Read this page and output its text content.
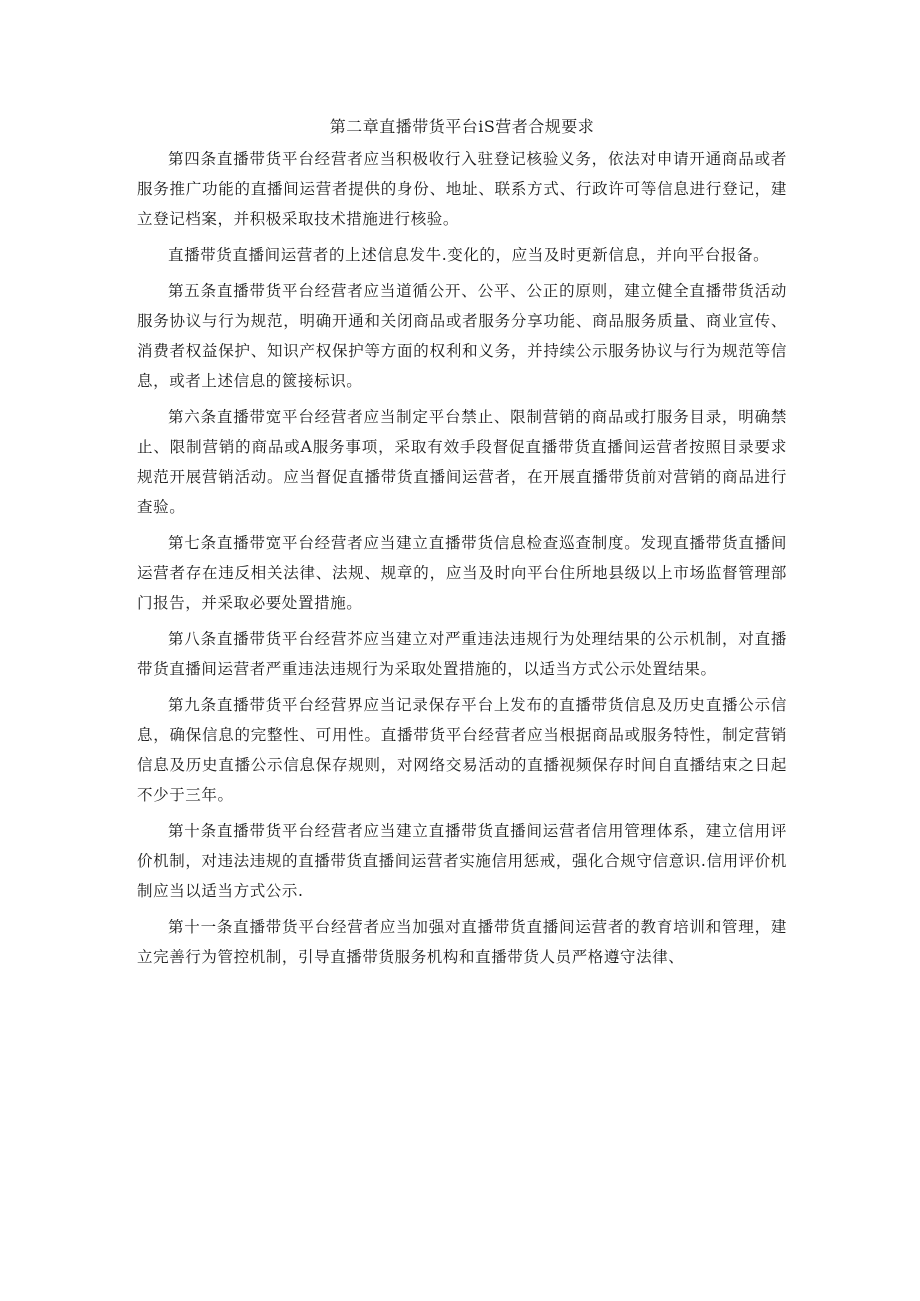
第二章直播带货平台iS营者合规要求

第四条直播带货平台经营者应当积极收行入驻登记核验义务，依法对申请开通商品或者服务推广功能的直播间运营者提供的身份、地址、联系方式、行政许可等信息进行登记，建立登记档案，并积极采取技术措施进行核验。

直播带货直播间运营者的上述信息发牛.变化的，应当及时更新信息，并向平台报备。

第五条直播带货平台经营者应当道循公开、公平、公正的原则，建立健全直播带货活动服务协议与行为规范，明确开通和关闭商品或者服务分享功能、商品服务质量、商业宣传、消费者权益保护、知识产权保护等方面的权利和义务，并持续公示服务协议与行为规范等信息，或者上述信息的篋接标识。

第六条直播带宽平台经营者应当制定平台禁止、限制营销的商品或打服务目录，明确禁止、限制营销的商品或A服务事项，采取有效手段督促直播带货直播间运营者按照目录要求规范开展营销活动。应当督促直播带货直播间运营者，在开展直播带货前对营销的商品进行查验。

第七条直播带宽平台经营者应当建立直播带货信息检查巡查制度。发现直播带货直播间运营者存在违反相关法律、法规、规章的，应当及时向平台住所地县级以上市场监督管理部门报告，并采取必要处置措施。

第八条直播带货平台经营芥应当建立对严重违法违规行为处理结果的公示机制，对直播带货直播间运营者严重违法违规行为采取处置措施的，以适当方式公示处置结果。

第九条直播带货平台经营界应当记录保存平台上发布的直播带货信息及历史直播公示信息，确保信息的完整性、可用性。直播带货平台经营者应当根据商品或服务特性，制定营销信息及历史直播公示信息保存规则，对网络交易活动的直播视频保存时间自直播结束之日起不少于三年。

第十条直播带货平台经营者应当建立直播带货直播间运营者信用管理体系，建立信用评价机制，对违法违规的直播带货直播间运营者实施信用惩戒，强化合规守信意识.信用评价机制应当以适当方式公示.

第十一条直播带货平台经营者应当加强对直播带货直播间运营者的教育培训和管理，建立完善行为管控机制，引导直播带货服务机构和直播带货人员严格遵守法律、
